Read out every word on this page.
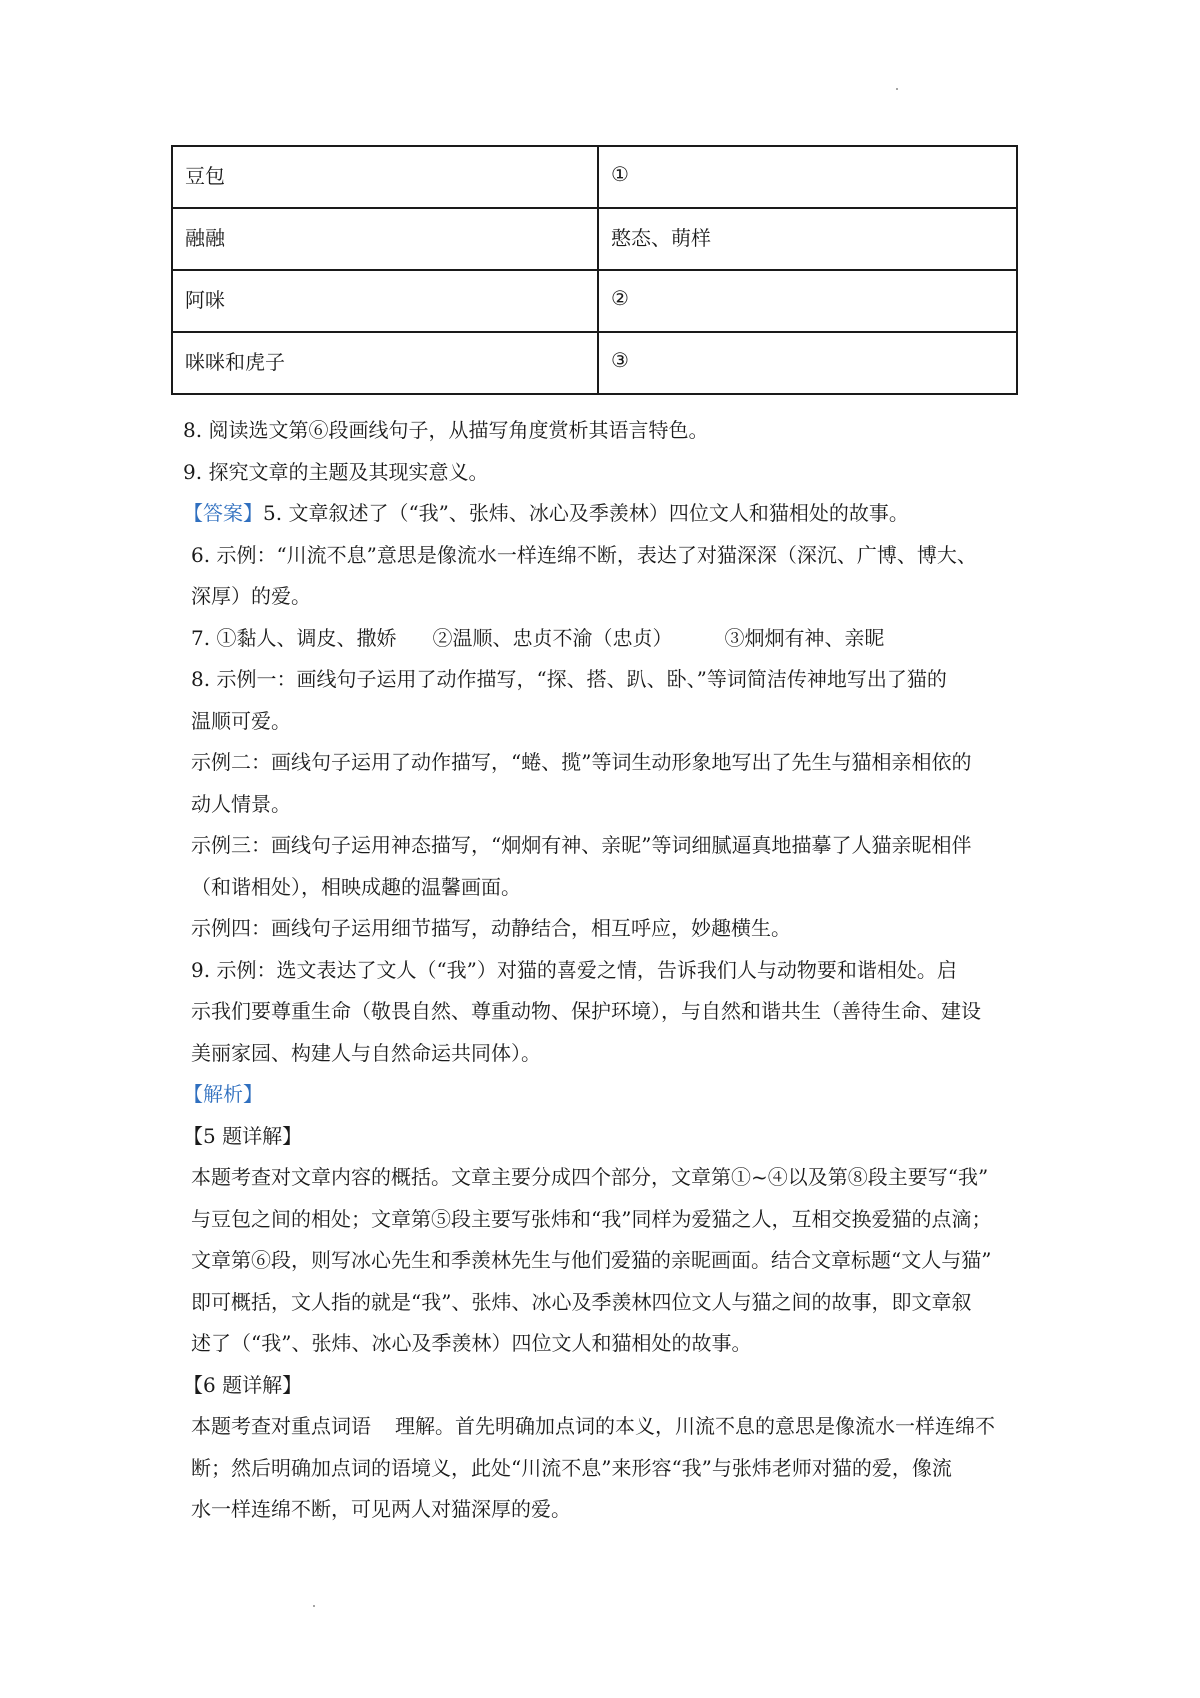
豆包	①
融融	憨态、萌样
阿咪	②
咪咪和虎子	③

8. 阅读选文第⑥段画线句子，从描写角度赏析其语言特色。

9. 探究文章的主题及其现实意义。

【答案】5. 文章叙述了（“我”、张炜、冰心及季羡林）四位文人和猫相处的故事。

6. 示例：“川流不息”意思是像流水一样连绵不断，表达了对猫深深（深沉、广博、博大、

深厚）的爱。

7. ①黏人、调皮、撒娇 ②温顺、忠贞不渝（忠贞）	③炯炯有神、亲昵

8. 示例一：画线句子运用了动作描写，“探、搭、趴、卧、”等词简洁传神地写出了猫的

温顺可爱。

示例二：画线句子运用了动作描写，“蜷、揽”等词生动形象地写出了先生与猫相亲相依的

动人情景。

示例三：画线句子运用神态描写，“炯炯有神、亲昵”等词细腻逼真地描摹了人猫亲昵相伴

（和谐相处），相映成趣的温馨画面。

示例四：画线句子运用细节描写，动静结合，相互呼应，妙趣横生。

9. 示例：选文表达了文人（“我”）对猫的喜爱之情，告诉我们人与动物要和谐相处。启

示我们要尊重生命（敬畏自然、尊重动物、保护环境），与自然和谐共生（善待生命、建设

美丽家园、构建人与自然命运共同体）。

【解析】

【5 题详解】

本题考查对文章内容的概括。文章主要分成四个部分，文章第①~④以及第⑧段主要写“我”

与豆包之间的相处；文章第⑤段主要写张炜和“我”同样为爱猫之人，互相交换爱猫的点滴；

文章第⑥段，则写冰心先生和季羡林先生与他们爱猫的亲昵画面。结合文章标题“文人与猫”

即可概括，文人指的就是“我”、张炜、冰心及季羡林四位文人与猫之间的故事，即文章叙

述了（“我”、张炜、冰心及季羡林）四位文人和猫相处的故事。

【6 题详解】

本题考查对重点词语 理解。首先明确加点词的本义，川流不息的意思是像流水一样连绵不

断；然后明确加点词的语境义，此处“川流不息”来形容“我”与张炜老师对猫的爱，像流

水一样连绵不断，可见两人对猫深厚的爱。
